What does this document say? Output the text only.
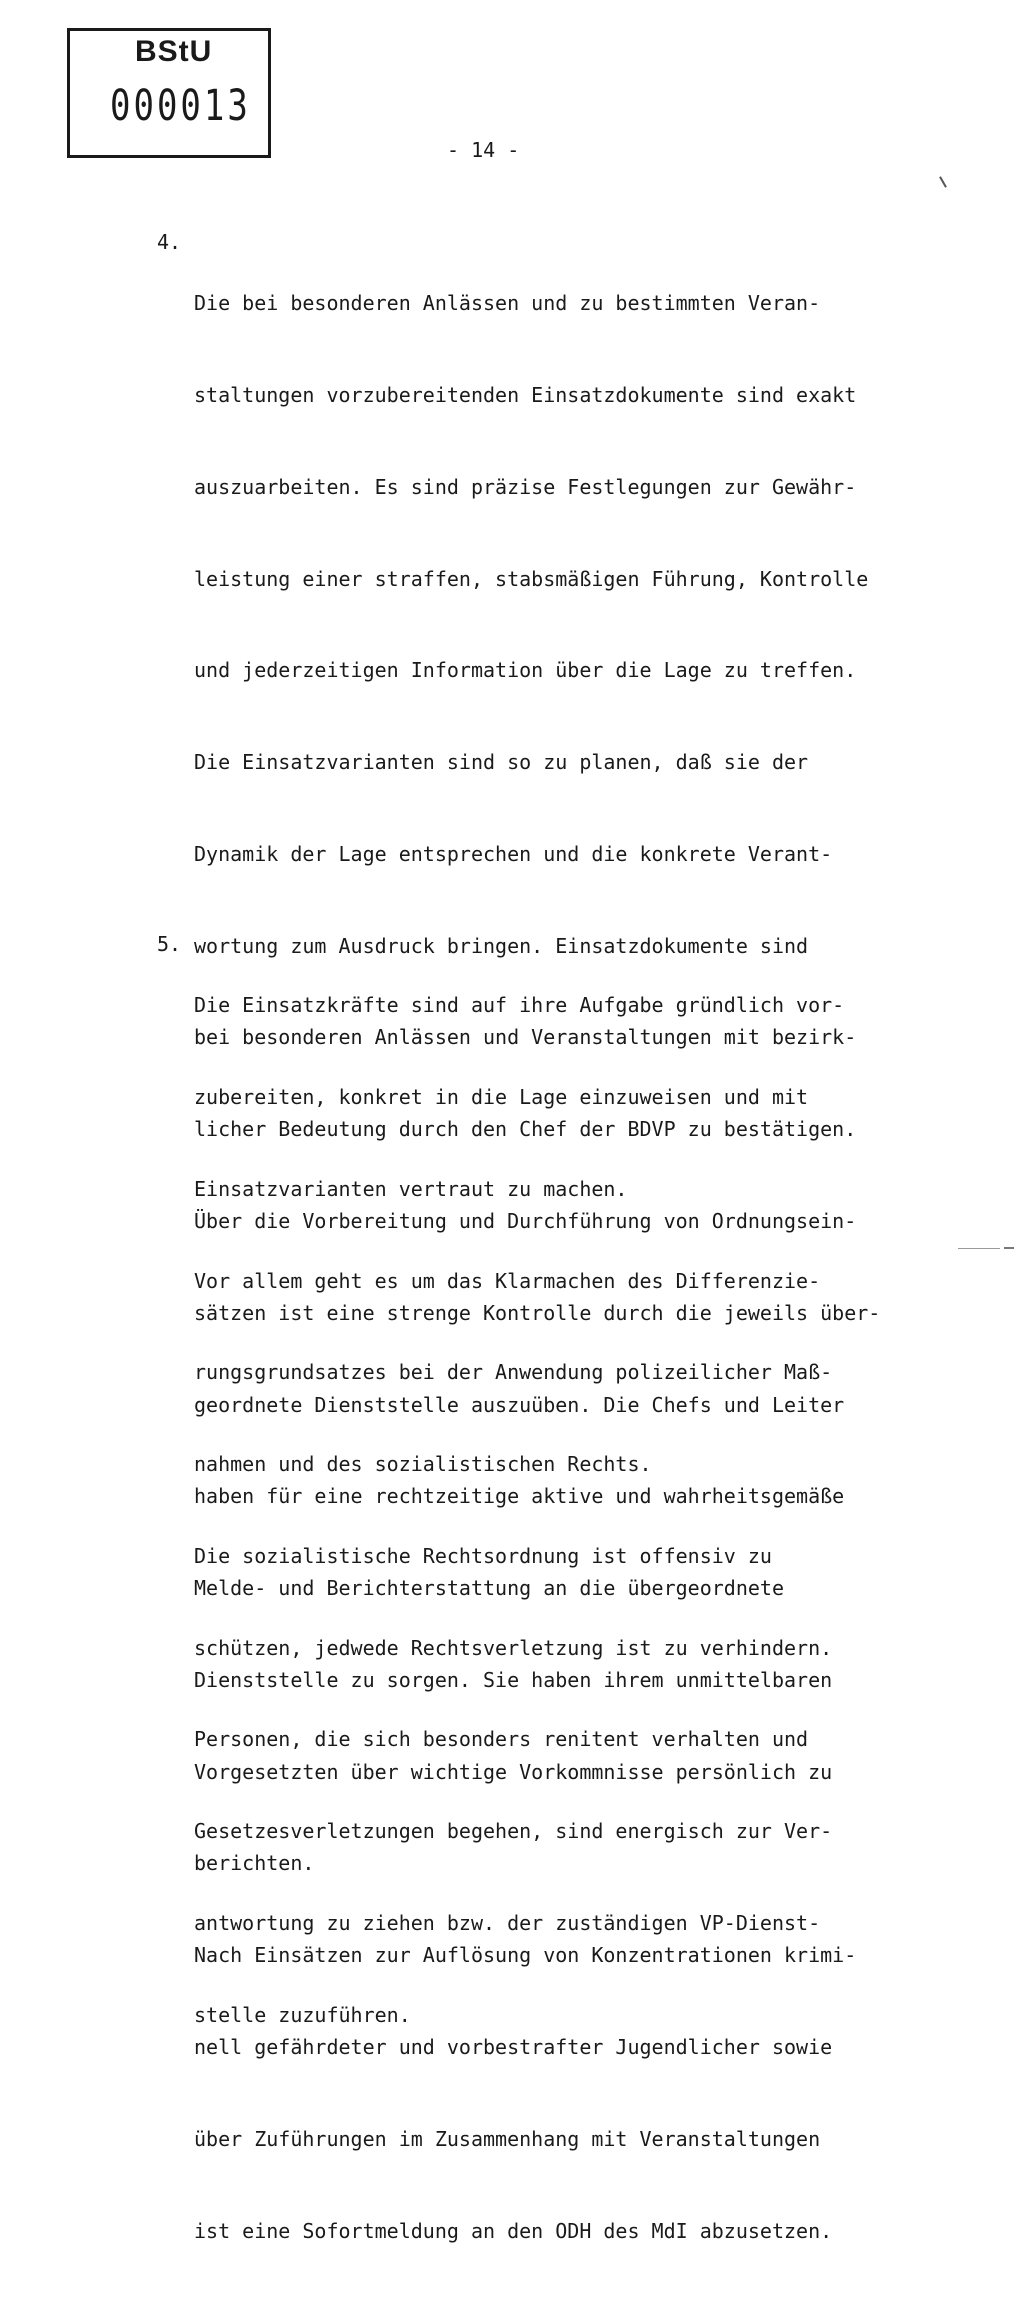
BStU
000013
- 14 -
4.

Die bei besonderen Anlässen und zu bestimmten Veran-

staltungen vorzubereitenden Einsatzdokumente sind exakt

auszuarbeiten. Es sind präzise Festlegungen zur Gewähr-

leistung einer straffen, stabsmäßigen Führung, Kontrolle

und jederzeitigen Information über die Lage zu treffen.

Die Einsatzvarianten sind so zu planen, daß sie der

Dynamik der Lage entsprechen und die konkrete Verant-

wortung zum Ausdruck bringen. Einsatzdokumente sind

bei besonderen Anlässen und Veranstaltungen mit bezirk-

licher Bedeutung durch den Chef der BDVP zu bestätigen.

Über die Vorbereitung und Durchführung von Ordnungsein-

sätzen ist eine strenge Kontrolle durch die jeweils über-

geordnete Dienststelle auszuüben. Die Chefs und Leiter

haben für eine rechtzeitige aktive und wahrheitsgemäße

Melde- und Berichterstattung an die übergeordnete

Dienststelle zu sorgen. Sie haben ihrem unmittelbaren

Vorgesetzten über wichtige Vorkommnisse persönlich zu

berichten.

Nach Einsätzen zur Auflösung von Konzentrationen krimi-

nell gefährdeter und vorbestrafter Jugendlicher sowie

über Zuführungen im Zusammenhang mit Veranstaltungen

ist eine Sofortmeldung an den ODH des MdI abzusetzen.

5.

Die Einsatzkräfte sind auf ihre Aufgabe gründlich vor-

zubereiten, konkret in die Lage einzuweisen und mit

Einsatzvarianten vertraut zu machen.

Vor allem geht es um das Klarmachen des Differenzie-

rungsgrundsatzes bei der Anwendung polizeilicher Maß-

nahmen und des sozialistischen Rechts.

Die sozialistische Rechtsordnung ist offensiv zu

schützen, jedwede Rechtsverletzung ist zu verhindern.

Personen, die sich besonders renitent verhalten und

Gesetzesverletzungen begehen, sind energisch zur Ver-

antwortung zu ziehen bzw. der zuständigen VP-Dienst-

stelle zuzuführen.
